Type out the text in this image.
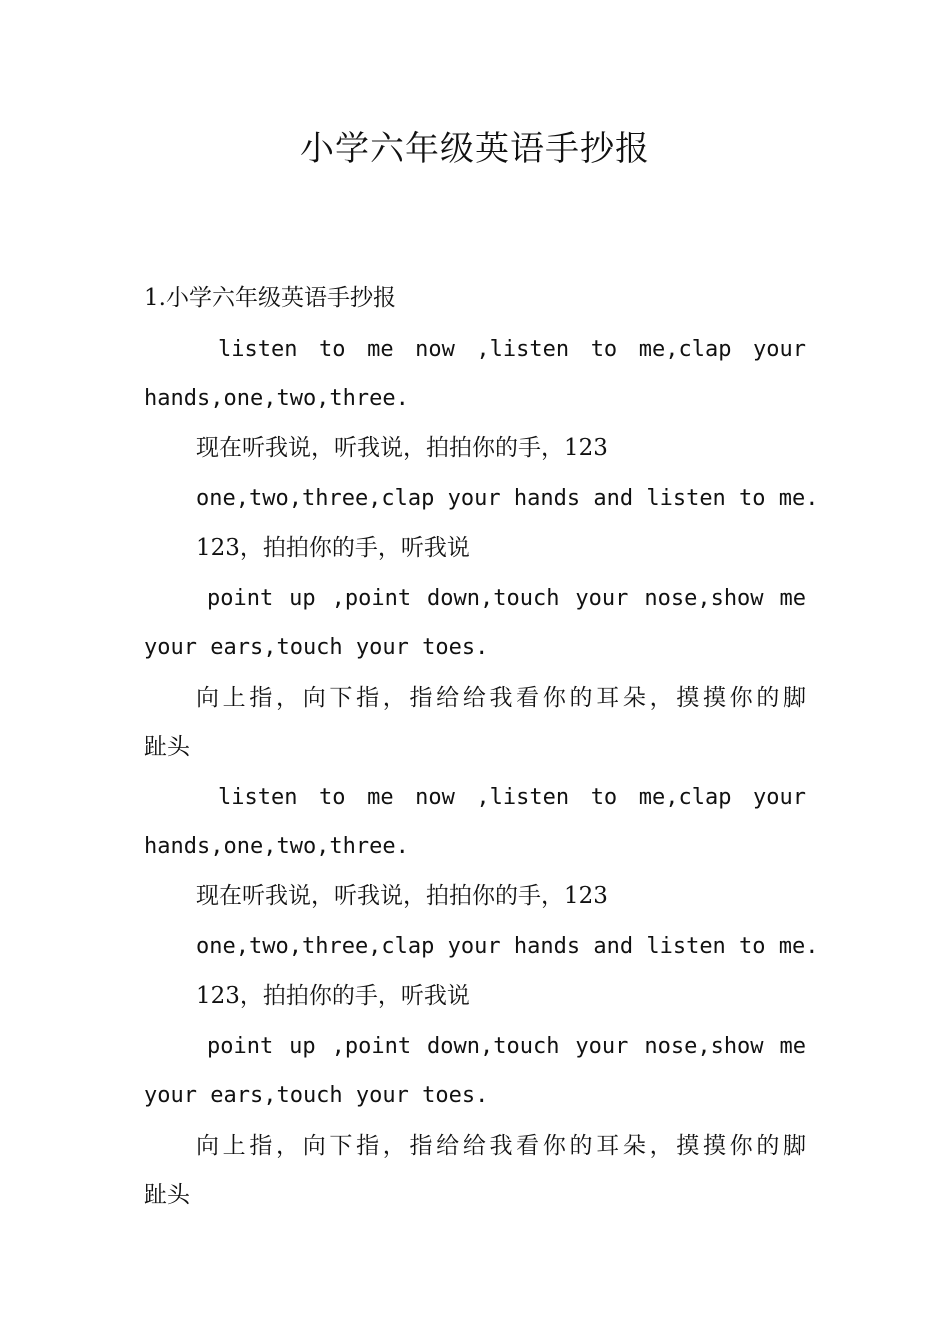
小学六年级英语手抄报
1.小学六年级英语手抄报
listen to me now ,listen to me,clap your
hands,one,two,three.
现在听我说，听我说，拍拍你的手，123
one,two,three,clap your hands and listen to me.
123，拍拍你的手，听我说
point up ,point down,touch your nose,show me
your ears,touch your toes.
向上指，向下指，指给给我看你的耳朵，摸摸你的脚
趾头
listen to me now ,listen to me,clap your
hands,one,two,three.
现在听我说，听我说，拍拍你的手，123
one,two,three,clap your hands and listen to me.
123，拍拍你的手，听我说
point up ,point down,touch your nose,show me
your ears,touch your toes.
向上指，向下指，指给给我看你的耳朵，摸摸你的脚
趾头
